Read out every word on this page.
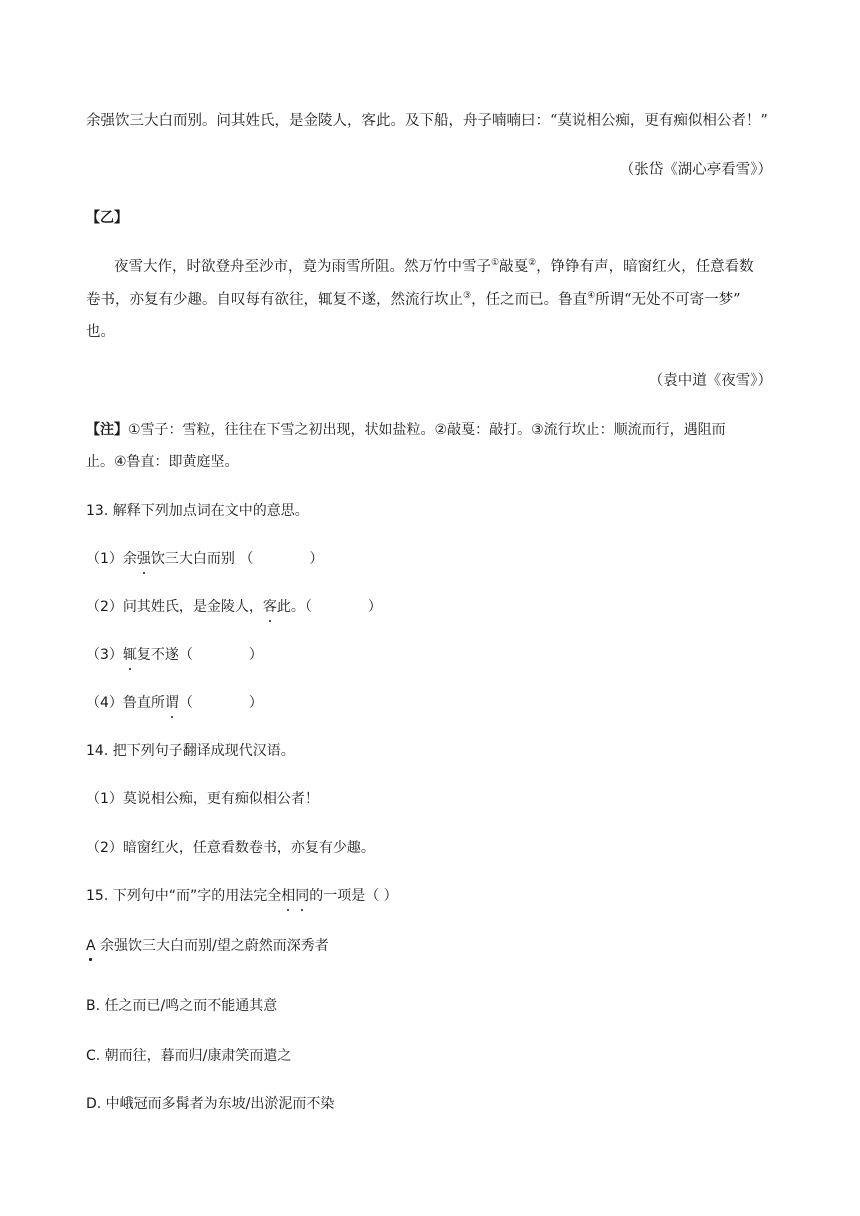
余强饮三大白而别。问其姓氏，是金陵人，客此。及下船，舟子喃喃曰：“莫说相公痴，更有痴似相公者！”
（张岱《湖心亭看雪》）
【乙】
夜雪大作，时欲登舟至沙市，竟为雨雪所阻。然万竹中雪子①敲戛②，铮铮有声，暗窗红火，任意看数
卷书，亦复有少趣。自叹每有欲往，辄复不遂，然流行坎止③，任之而已。鲁直④所谓“无处不可寄一梦”
也。
（袁中道《夜雪》）
【注】①雪子：雪粒，往往在下雪之初出现，状如盐粒。②敲戛：敲打。③流行坎止：顺流而行，遇阻而
止。④鲁直：即黄庭坚。
13. 解释下列加点词在文中的意思。
（1）余强饮三大白而别 （	）
（2）问其姓氏，是金陵人，客此。（	）
（3）辄复不遂（	）
（4）鲁直所谓（	）
14. 把下列句子翻译成现代汉语。
（1）莫说相公痴，更有痴似相公者！
（2）暗窗红火，任意看数卷书，亦复有少趣。
15. 下列句中“而”字的用法完全相同的一项是（ ）
A 余强饮三大白而别/望之蔚然而深秀者
B. 任之而已/鸣之而不能通其意
C. 朝而往，暮而归/康肃笑而遣之
D. 中峨冠而多髯者为东坡/出淤泥而不染
